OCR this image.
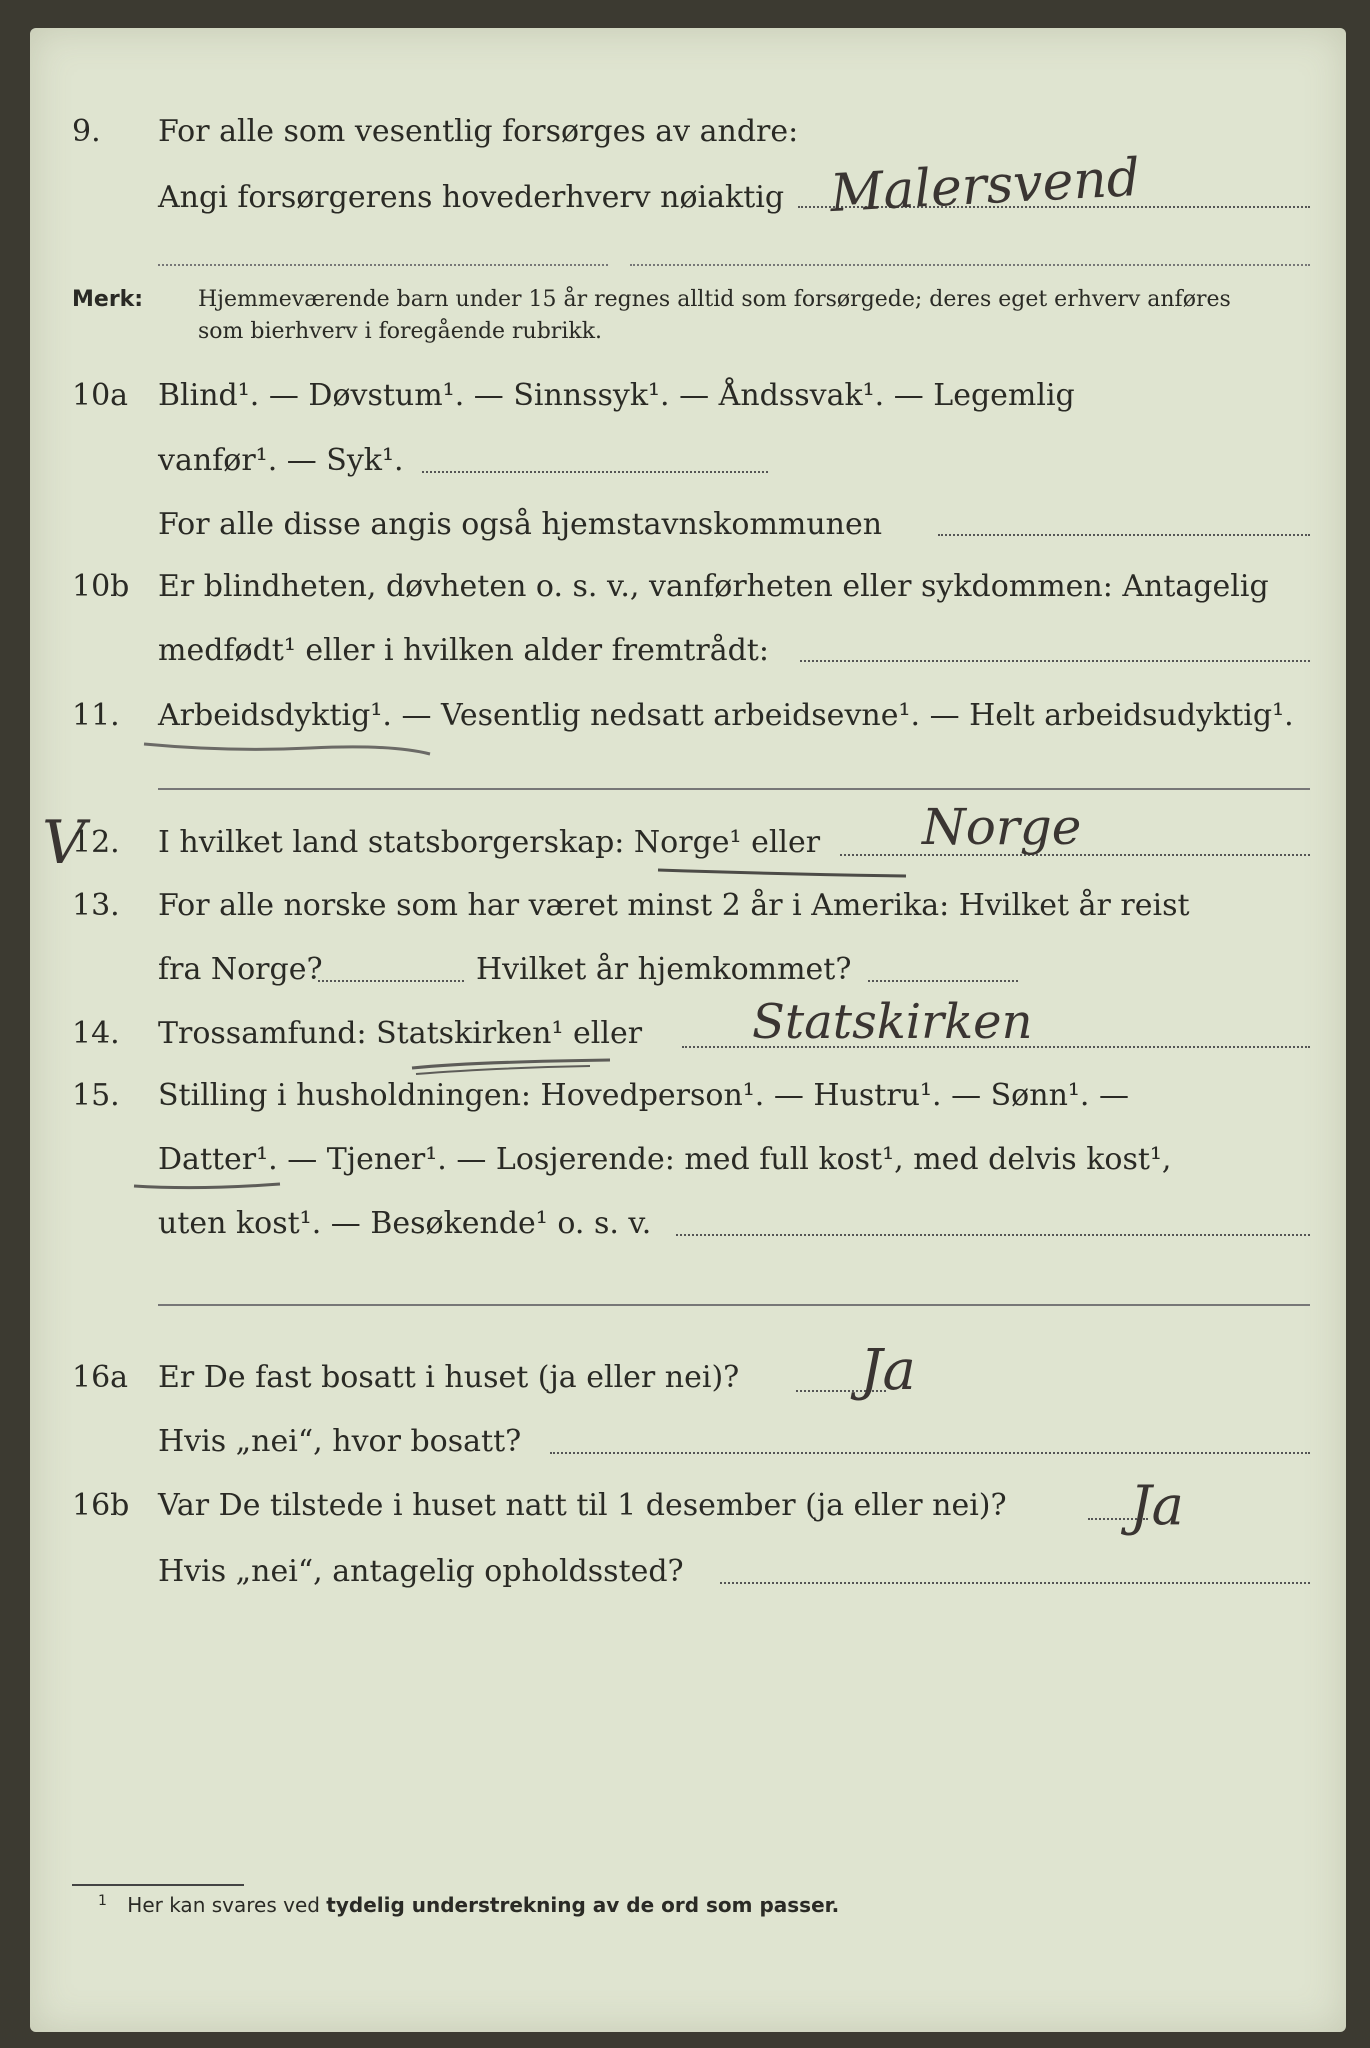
9.	For alle som vesentlig forsørges av andre:
Angi forsørgerens hovederhverv nøiaktig Malersvend
Merk: Hjemmeværende barn under 15 år regnes alltid som forsørgede; deres eget erhverv anføres som bierhverv i foregående rubrikk.
10a Blind¹. — Døvstum¹. — Sinnssyk¹. — Åndssvak¹. — Legemlig
vanfør¹. — Syk¹.
For alle disse angis også hjemstavnskommunen
10b Er blindheten, døvheten o. s. v., vanførheten eller sykdommen: Antagelig
medfødt¹ eller i hvilken alder fremtrådt:
11.	Arbeidsdyktig¹. — Vesentlig nedsatt arbeidsevne¹. — Helt arbeidsudyktig¹.
V
12.	I hvilket land statsborgerskap: Norge¹ eller	Norge
13.	For alle norske som har været minst 2 år i Amerika: Hvilket år reist
fra Norge?	Hvilket år hjemkommet?
14.	Trossamfund: Statskirken¹ eller	Statskirken
15.	Stilling i husholdningen: Hovedperson¹. — Hustru¹. — Sønn¹. —
Datter¹. — Tjener¹. — Losjerende: med full kost¹, med delvis kost¹,
uten kost¹. — Besøkende¹ o. s. v.
16a Er De fast bosatt i huset (ja eller nei)?	Ja
Hvis „nei“, hvor bosatt?
16b Var De tilstede i huset natt til 1 desember (ja eller nei)?	Ja
Hvis „nei“, antagelig opholdssted?
$^1$ Her kan svares ved tydelig understrekning av de ord som passer.
